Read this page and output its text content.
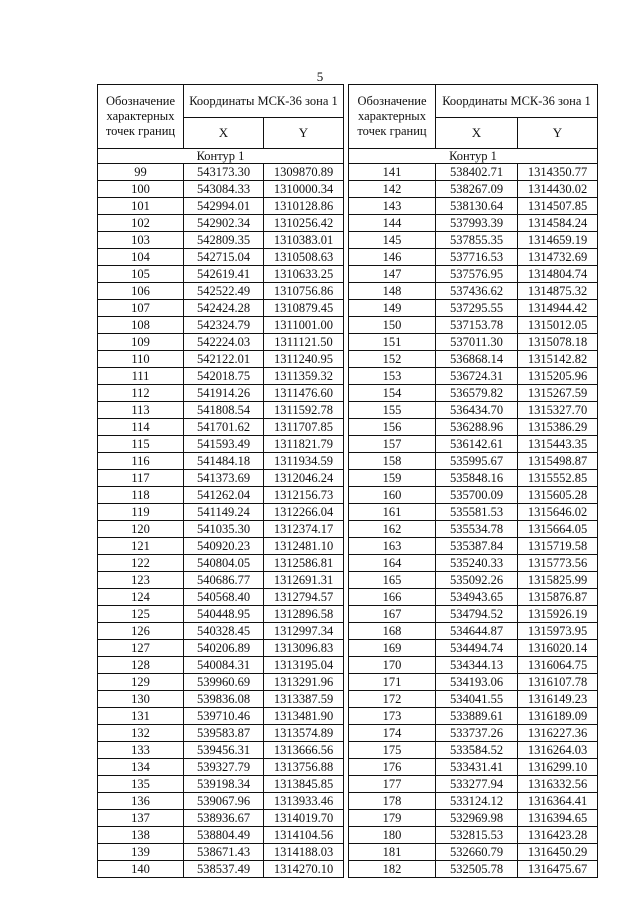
5
Обозначение характерных точек границ	Координаты МСК-36 зона 1	
	X	Y
Контур 1		
99	543173.30	1309870.89
100	543084.33	1310000.34
101	542994.01	1310128.86
102	542902.34	1310256.42
103	542809.35	1310383.01
104	542715.04	1310508.63
105	542619.41	1310633.25
106	542522.49	1310756.86
107	542424.28	1310879.45
108	542324.79	1311001.00
109	542224.03	1311121.50
110	542122.01	1311240.95
111	542018.75	1311359.32
112	541914.26	1311476.60
113	541808.54	1311592.78
114	541701.62	1311707.85
115	541593.49	1311821.79
116	541484.18	1311934.59
117	541373.69	1312046.24
118	541262.04	1312156.73
119	541149.24	1312266.04
120	541035.30	1312374.17
121	540920.23	1312481.10
122	540804.05	1312586.81
123	540686.77	1312691.31
124	540568.40	1312794.57
125	540448.95	1312896.58
126	540328.45	1312997.34
127	540206.89	1313096.83
128	540084.31	1313195.04
129	539960.69	1313291.96
130	539836.08	1313387.59
131	539710.46	1313481.90
132	539583.87	1313574.89
133	539456.31	1313666.56
134	539327.79	1313756.88
135	539198.34	1313845.85
136	539067.96	1313933.46
137	538936.67	1314019.70
138	538804.49	1314104.56
139	538671.43	1314188.03
140	538537.49	1314270.10
Обозначение характерных точек границ	Координаты МСК-36 зона 1	
	X	Y
Контур 1		
141	538402.71	1314350.77
142	538267.09	1314430.02
143	538130.64	1314507.85
144	537993.39	1314584.24
145	537855.35	1314659.19
146	537716.53	1314732.69
147	537576.95	1314804.74
148	537436.62	1314875.32
149	537295.55	1314944.42
150	537153.78	1315012.05
151	537011.30	1315078.18
152	536868.14	1315142.82
153	536724.31	1315205.96
154	536579.82	1315267.59
155	536434.70	1315327.70
156	536288.96	1315386.29
157	536142.61	1315443.35
158	535995.67	1315498.87
159	535848.16	1315552.85
160	535700.09	1315605.28
161	535581.53	1315646.02
162	535534.78	1315664.05
163	535387.84	1315719.58
164	535240.33	1315773.56
165	535092.26	1315825.99
166	534943.65	1315876.87
167	534794.52	1315926.19
168	534644.87	1315973.95
169	534494.74	1316020.14
170	534344.13	1316064.75
171	534193.06	1316107.78
172	534041.55	1316149.23
173	533889.61	1316189.09
174	533737.26	1316227.36
175	533584.52	1316264.03
176	533431.41	1316299.10
177	533277.94	1316332.56
178	533124.12	1316364.41
179	532969.98	1316394.65
180	532815.53	1316423.28
181	532660.79	1316450.29
182	532505.78	1316475.67
